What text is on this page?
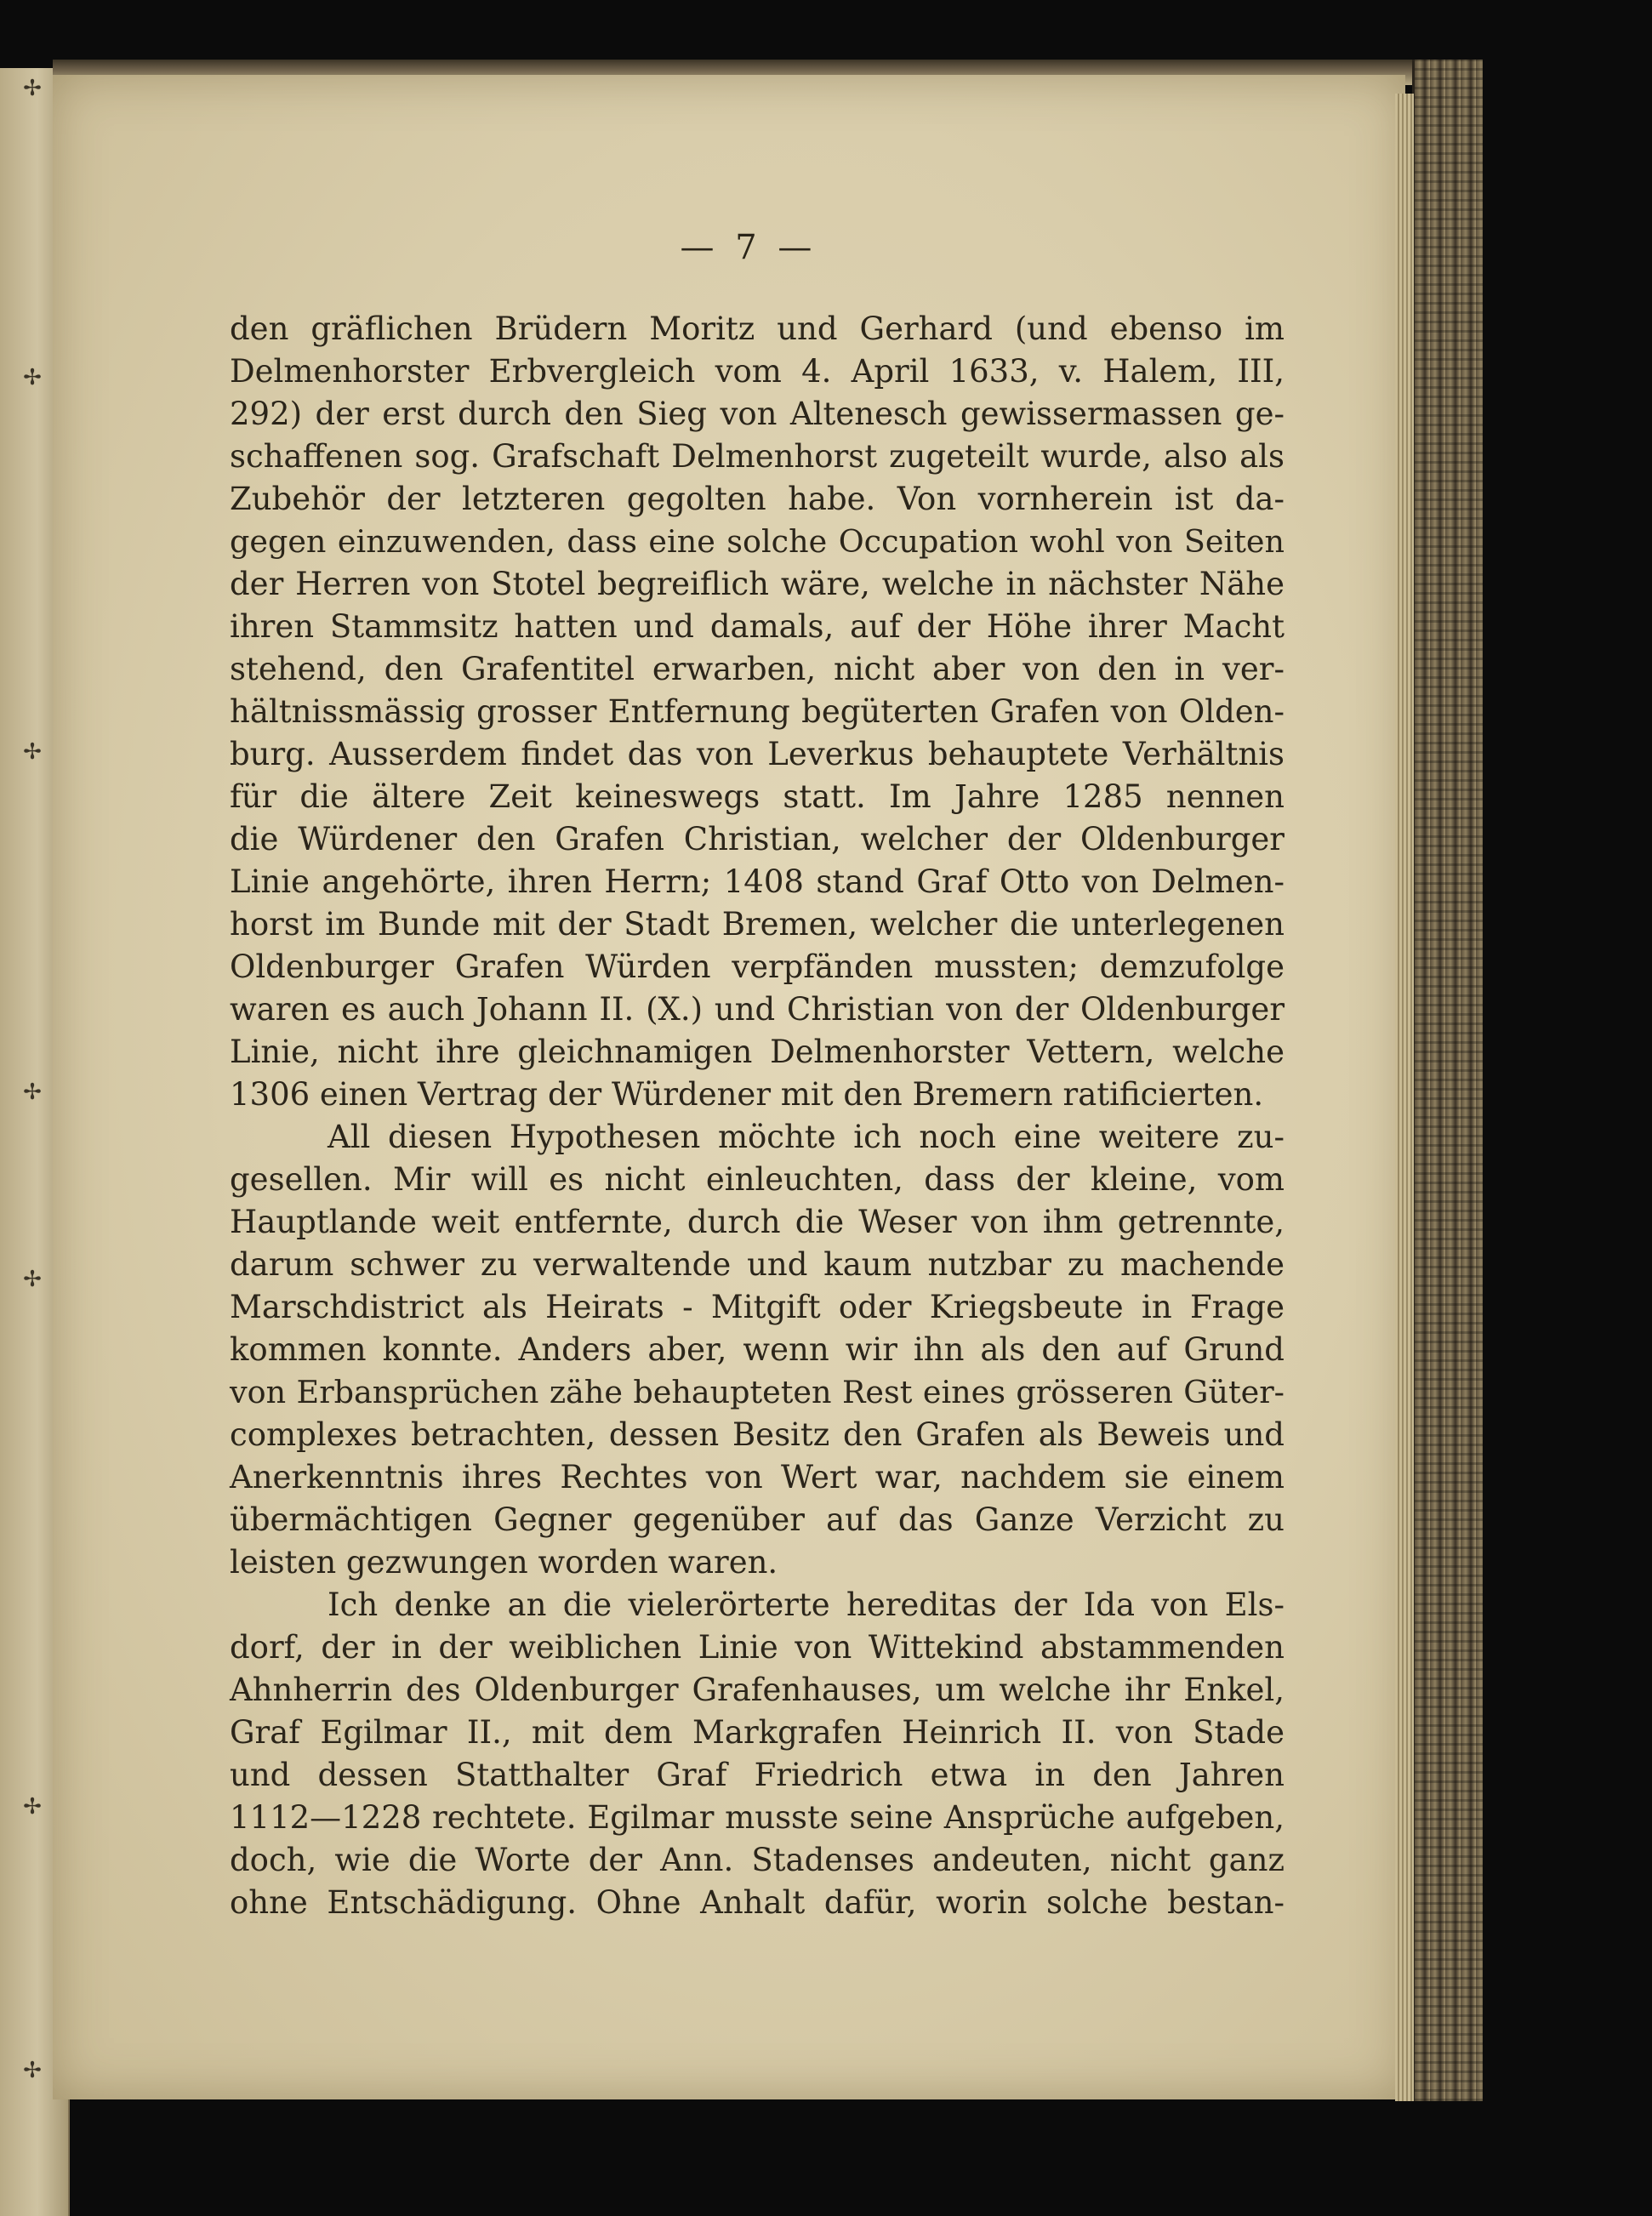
✢
✢
✢
✢
✢
✢
✢
— 7 —
den gräflichen Brüdern Moritz und Gerhard (und ebenso im
Delmenhorster Erbvergleich vom 4. April 1633, v. Halem, III,
292) der erst durch den Sieg von Altenesch gewissermassen ge-
schaffenen sog. Grafschaft Delmenhorst zugeteilt wurde, also als
Zubehör der letzteren gegolten habe. Von vornherein ist da-
gegen einzuwenden, dass eine solche Occupation wohl von Seiten
der Herren von Stotel begreiflich wäre, welche in nächster Nähe
ihren Stammsitz hatten und damals, auf der Höhe ihrer Macht
stehend, den Grafentitel erwarben, nicht aber von den in ver-
hältnissmässig grosser Entfernung begüterten Grafen von Olden-
burg. Ausserdem findet das von Leverkus behauptete Verhältnis
für die ältere Zeit keineswegs statt. Im Jahre 1285 nennen
die Würdener den Grafen Christian, welcher der Oldenburger
Linie angehörte, ihren Herrn; 1408 stand Graf Otto von Delmen-
horst im Bunde mit der Stadt Bremen, welcher die unterlegenen
Oldenburger Grafen Würden verpfänden mussten; demzufolge
waren es auch Johann II. (X.) und Christian von der Oldenburger
Linie, nicht ihre gleichnamigen Delmenhorster Vettern, welche
1306 einen Vertrag der Würdener mit den Bremern ratificierten.
All diesen Hypothesen möchte ich noch eine weitere zu-
gesellen. Mir will es nicht einleuchten, dass der kleine, vom
Hauptlande weit entfernte, durch die Weser von ihm getrennte,
darum schwer zu verwaltende und kaum nutzbar zu machende
Marschdistrict als Heirats - Mitgift oder Kriegsbeute in Frage
kommen konnte. Anders aber, wenn wir ihn als den auf Grund
von Erbansprüchen zähe behaupteten Rest eines grösseren Güter-
complexes betrachten, dessen Besitz den Grafen als Beweis und
Anerkenntnis ihres Rechtes von Wert war, nachdem sie einem
übermächtigen Gegner gegenüber auf das Ganze Verzicht zu
leisten gezwungen worden waren.
Ich denke an die vielerörterte hereditas der Ida von Els-
dorf, der in der weiblichen Linie von Wittekind abstammenden
Ahnherrin des Oldenburger Grafenhauses, um welche ihr Enkel,
Graf Egilmar II., mit dem Markgrafen Heinrich II. von Stade
und dessen Statthalter Graf Friedrich etwa in den Jahren
1112—1228 rechtete. Egilmar musste seine Ansprüche aufgeben,
doch, wie die Worte der Ann. Stadenses andeuten, nicht ganz
ohne Entschädigung. Ohne Anhalt dafür, worin solche bestan-
